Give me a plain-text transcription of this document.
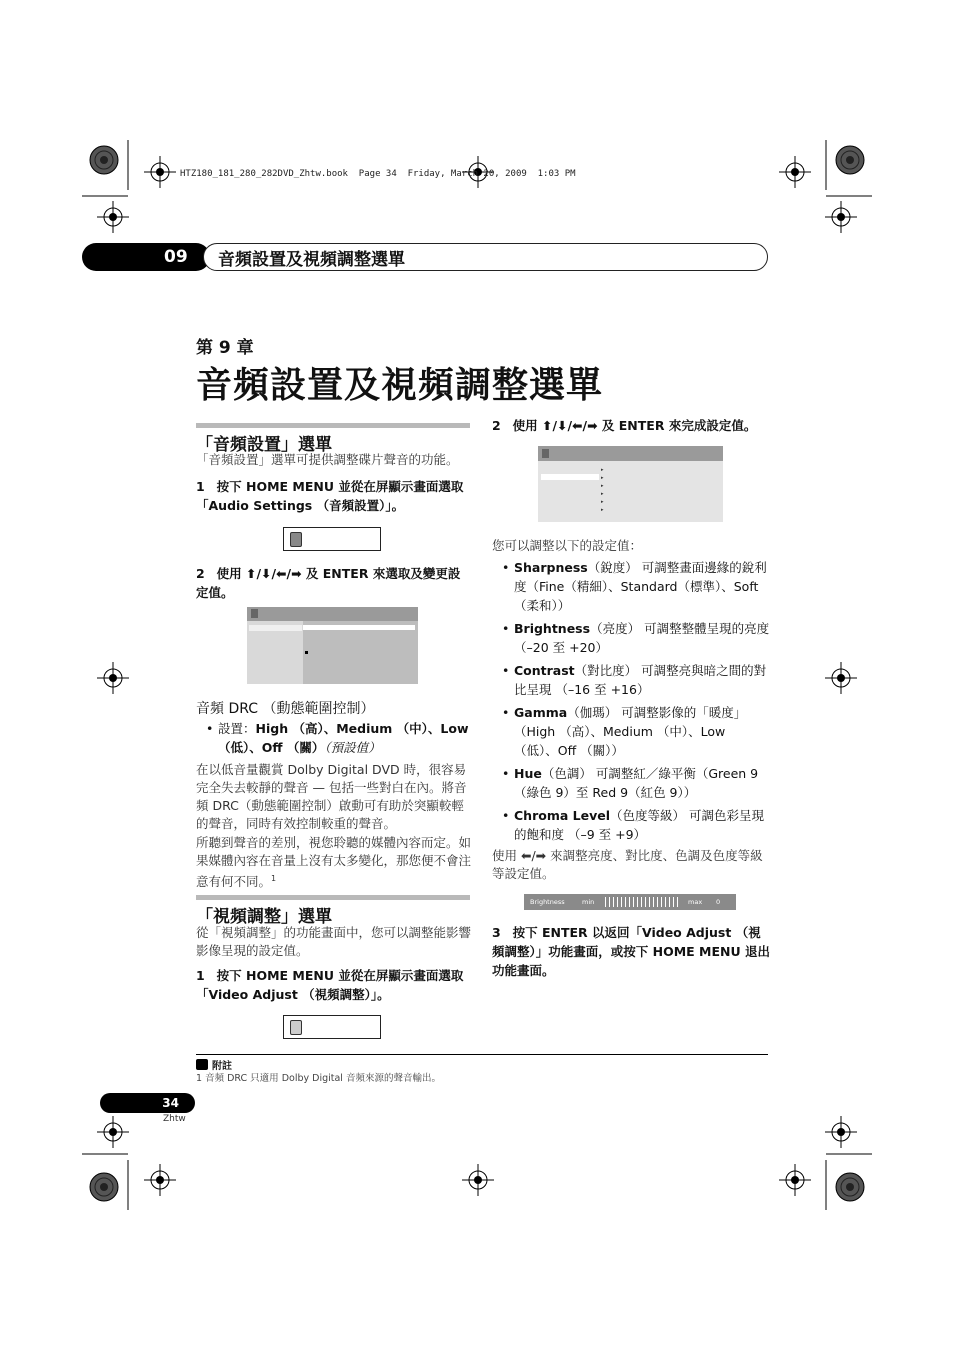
HTZ180_181_280_282DVD_Zhtw.book  Page 34  Friday, March 20, 2009  1:03 PM
09	音頻設置及視頻調整選單
第 9 章
音頻設置及視頻調整選單
「音頻設置」選單
「音頻設置」選單可提供調整碟片聲音的功能。
1 按下 HOME MENU 並從在屏顯示畫面選取「Audio Settings （音頻設置）」。
2 使用 ⬆/⬇/⬅/➡ 及 ENTER 來選取及變更設定值。
音頻 DRC （動態範圍控制）
• 設置：High （高）、Medium （中）、Low （低）、Off （關）（預設值）
在以低音量觀賞 Dolby Digital DVD 時，很容易完全失去較靜的聲音 — 包括一些對白在內。將音頻 DRC（動態範圍控制）啟動可有助於突顯較輕的聲音，同時有效控制較重的聲音。
所聽到聲音的差別，視您聆聽的媒體內容而定。如果媒體內容在音量上沒有太多變化，那您便不會注意有何不同。$^1$
「視頻調整」選單
從「視頻調整」的功能畫面中，您可以調整能影響影像呈現的設定值。
1 按下 HOME MENU 並從在屏顯示畫面選取「Video Adjust （視頻調整）」。
2 使用 ⬆/⬇/⬅/➡ 及 ENTER 來完成設定值。
▸
▸
▸
▸
▸
▸
您可以調整以下的設定值：
• Sharpness（銳度） 可調整畫面邊緣的銳利度（Fine（精細）、Standard（標準）、Soft （柔和））
• Brightness（亮度） 可調整整體呈現的亮度 （–20 至 +20）
• Contrast（對比度） 可調整亮與暗之間的對比呈現 （–16 至 +16）
• Gamma（伽瑪） 可調整影像的「暖度」（High （高）、Medium （中）、Low （低）、Off （關））
• Hue（色調） 可調整紅／綠平衡（Green 9（綠色 9）至 Red 9（紅色 9））
• Chroma Level（色度等級） 可調色彩呈現的飽和度 （–9 至 +9）
使用 ⬅/➡ 來調整亮度、對比度、色調及色度等級等設定值。
Brightness	min	max 0
3 按下 ENTER 以返回「Video Adjust （視頻調整）」功能畫面，或按下 HOME MENU 退出功能畫面。
附註
1 音頻 DRC 只適用 Dolby Digital 音頻來源的聲音輸出。
34
Zhtw
